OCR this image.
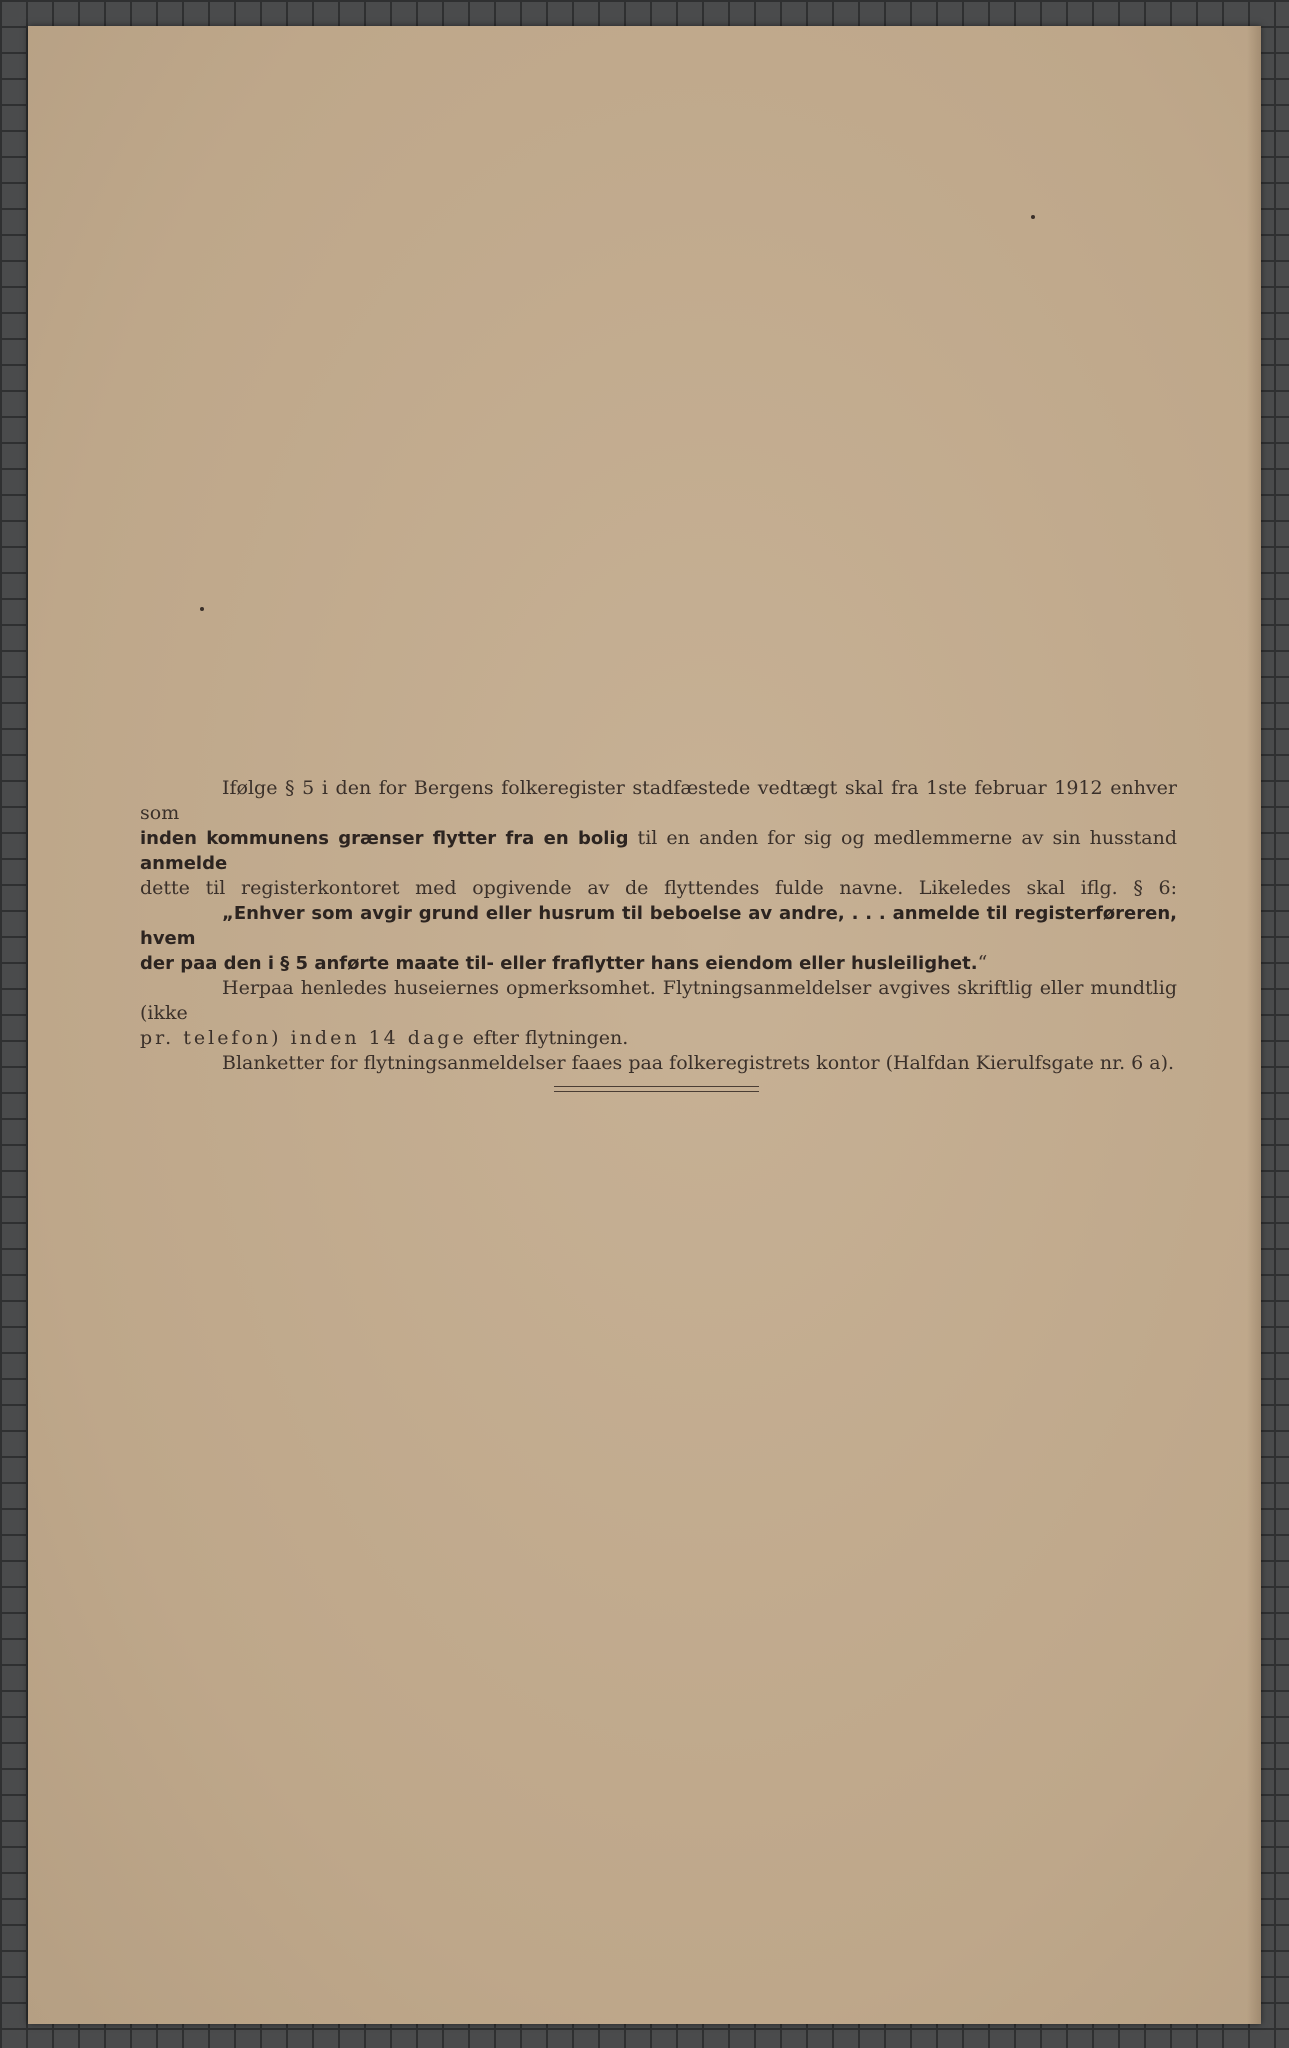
Ifølge § 5 i den for Bergens folkeregister stadfæstede vedtægt skal fra 1ste februar 1912 enhver som

inden kommunens grænser flytter fra en bolig til en anden for sig og medlemmerne av sin husstand anmelde

dette til registerkontoret med opgivende av de flyttendes fulde navne. Likeledes skal iflg. § 6:

„Enhver som avgir grund eller husrum til beboelse av andre, . . . anmelde til registerføreren, hvem

der paa den i § 5 anførte maate til- eller fraflytter hans eiendom eller husleilighet.“

Herpaa henledes huseiernes opmerksomhet. Flytningsanmeldelser avgives skriftlig eller mundtlig (ikke

pr. telefon) inden 14 dage efter flytningen.

Blanketter for flytningsanmeldelser faaes paa folkeregistrets kontor (Halfdan Kierulfsgate nr. 6 a).
